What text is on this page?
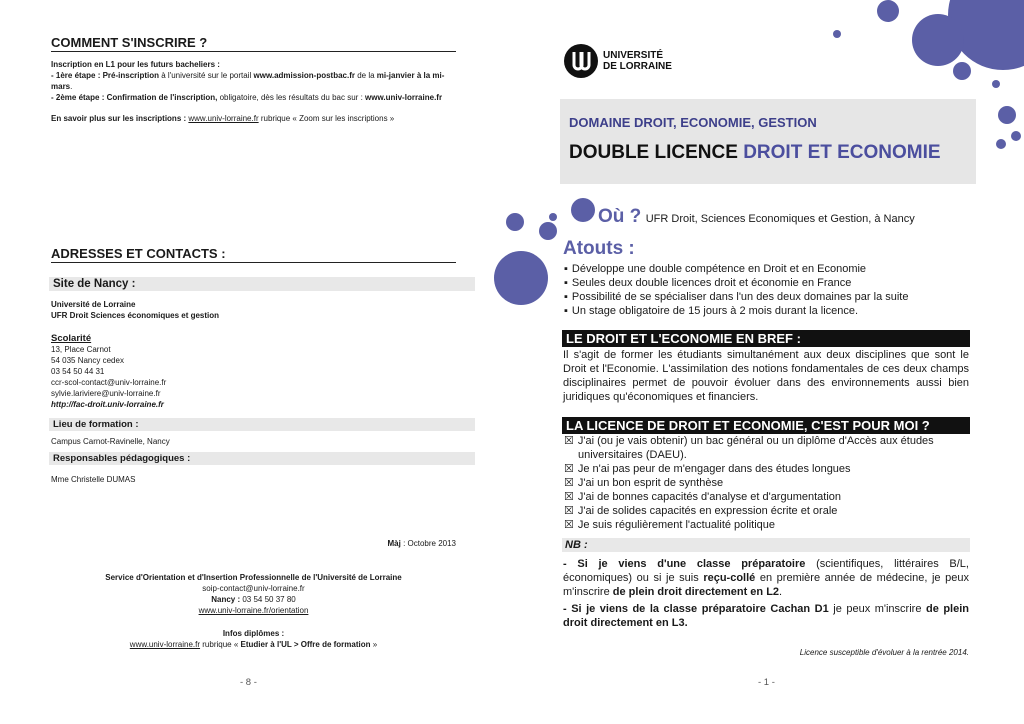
COMMENT S'INSCRIRE ?
Inscription en L1 pour les futurs bacheliers :
- 1ère étape : Pré-inscription à l'université sur le portail www.admission-postbac.fr de la mi-janvier à la mi-mars.
- 2ème étape : Confirmation de l'inscription, obligatoire, dès les résultats du bac sur : www.univ-lorraine.fr
En savoir plus sur les inscriptions : www.univ-lorraine.fr rubrique « Zoom sur les inscriptions »
ADRESSES ET CONTACTS :
Site de Nancy :
Université de Lorraine
UFR Droit Sciences économiques et gestion
Scolarité
13, Place Carnot
54 035 Nancy cedex
03 54 50 44 31
ccr-scol-contact@univ-lorraine.fr
sylvie.lariviere@univ-lorraine.fr
http://fac-droit.univ-lorraine.fr
Lieu de formation :
Campus Carnot-Ravinelle, Nancy
Responsables pédagogiques :
Mme Christelle DUMAS
Màj : Octobre 2013
Service d'Orientation et d'Insertion Professionnelle de l'Université de Lorraine
soip-contact@univ-lorraine.fr
Nancy : 03 54 50 37 80
www.univ-lorraine.fr/orientation
Infos diplômes :
www.univ-lorraine.fr rubrique « Etudier à l'UL > Offre de formation »
- 8 -
UNIVERSITÉ
DE LORRAINE
DOMAINE DROIT, ECONOMIE, GESTION
DOUBLE LICENCE DROIT ET ECONOMIE
Où ? UFR Droit, Sciences Economiques et Gestion, à Nancy
Atouts :
▪ Développe une double compétence en Droit et en Economie
▪ Seules deux double licences droit et économie en France
▪ Possibilité de se spécialiser dans l'un des deux domaines par la suite
▪ Un stage obligatoire de 15 jours à 2 mois durant la licence.
LE DROIT ET L'ECONOMIE EN BREF :
Il s'agit de former les étudiants simultanément aux deux disciplines que sont le Droit et l'Economie. L'assimilation des notions fondamentales de ces deux champs disciplinaires permet de pouvoir évoluer dans des environnements aussi bien juridiques qu'économiques et financiers.
LA LICENCE DE DROIT ET ECONOMIE, C'EST POUR MOI ?
☒ J'ai (ou je vais obtenir) un bac général ou un diplôme d'Accès aux études universitaires (DAEU).
☒ Je n'ai pas peur de m'engager dans des études longues
☒ J'ai un bon esprit de synthèse
☒ J'ai de bonnes capacités d'analyse et d'argumentation
☒ J'ai de solides capacités en expression écrite et orale
☒ Je suis régulièrement l'actualité politique
NB :
- Si je viens d'une classe préparatoire (scientifiques, littéraires B/L, économiques) ou si je suis reçu-collé en première année de médecine, je peux m'inscrire de plein droit directement en L2.
- Si je viens de la classe préparatoire Cachan D1 je peux m'inscrire de plein droit directement en L3.
Licence susceptible d'évoluer à la rentrée 2014.
- 1 -
